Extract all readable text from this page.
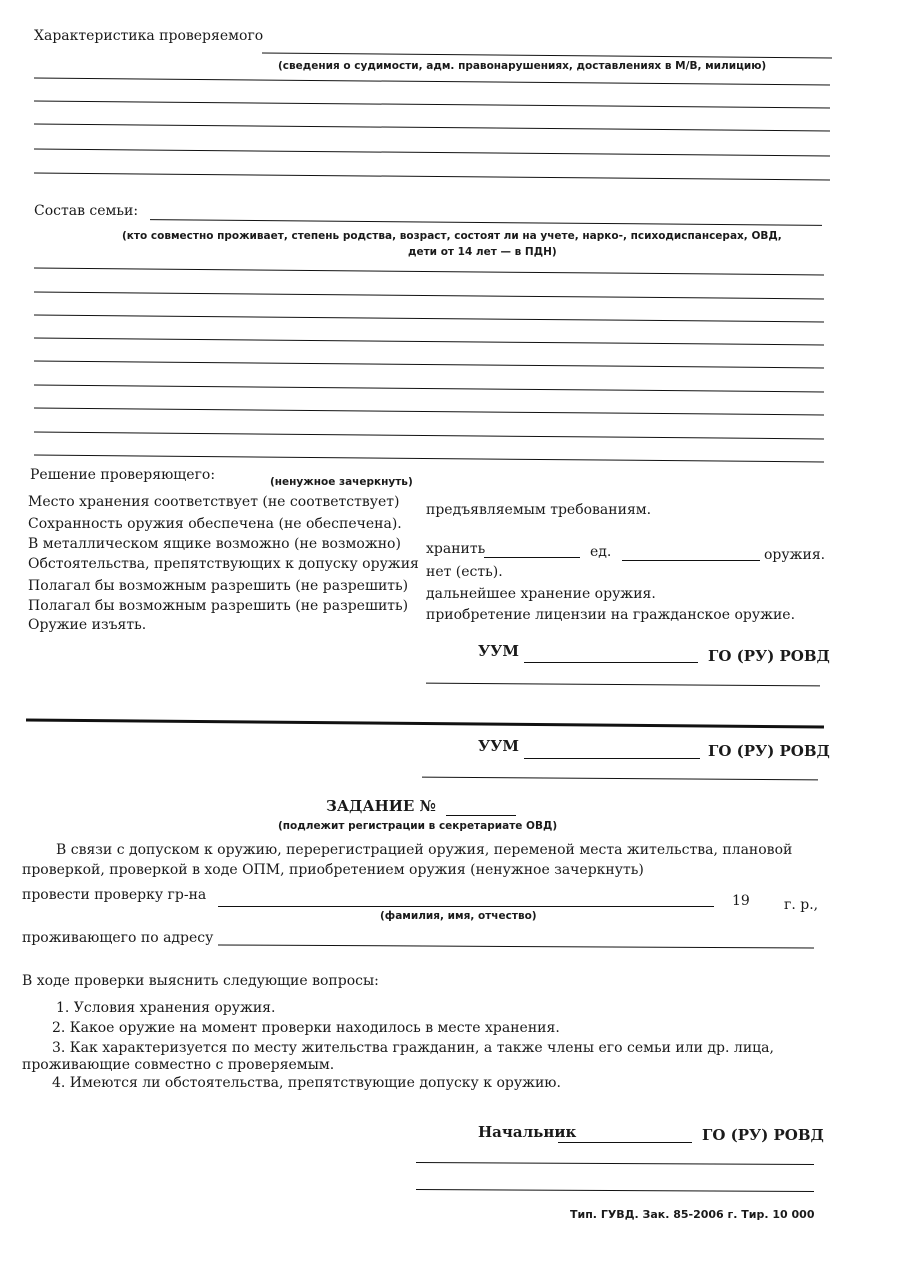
Характеристика проверяемого
(сведения о судимости, адм. правонарушениях, доставлениях в М/В, милицию)
Состав семьи:
(кто совместно проживает, степень родства, возраст, состоят ли на учете, нарко-, психодиспансерах, ОВД,
дети от 14 лет — в ПДН)
Решение проверяющего:	(ненужное зачеркнуть)
Место хранения соответствует (не соответствует) предъявляемым требованиям.
Сохранность оружия обеспечена (не обеспечена).
В металлическом ящике возможно (не возможно) хранить	ед.	оружия.
Обстоятельства, препятствующих к допуску оружия нет (есть).
Полагал бы возможным разрешить (не разрешить) дальнейшее хранение оружия.
Полагал бы возможным разрешить (не разрешить)
приобретение лицензии на гражданское оружие.
Оружие изъять.
УУМ	ГО (РУ) РОВД
УУМ	ГО (РУ) РОВД
ЗАДАНИЕ №
(подлежит регистрации в секретариате ОВД)
В связи с допуском к оружию, перерегистрацией оружия, переменой места жительства, плановой
проверкой, проверкой в ходе ОПМ, приобретением оружия (ненужное зачеркнуть)
провести проверку гр-на	19 г. р.,
(фамилия, имя, отчество)
проживающего по адресу
В ходе проверки выяснить следующие вопросы:
1. Условия хранения оружия.
2. Какое оружие на момент проверки находилось в месте хранения.
3. Как характеризуется по месту жительства гражданин, а также члены его семьи или др. лица,
проживающие совместно с проверяемым.
4. Имеются ли обстоятельства, препятствующие допуску к оружию.
Начальник	ГО (РУ) РОВД
Тип. ГУВД. Зак. 85-2006 г. Тир. 10 000
